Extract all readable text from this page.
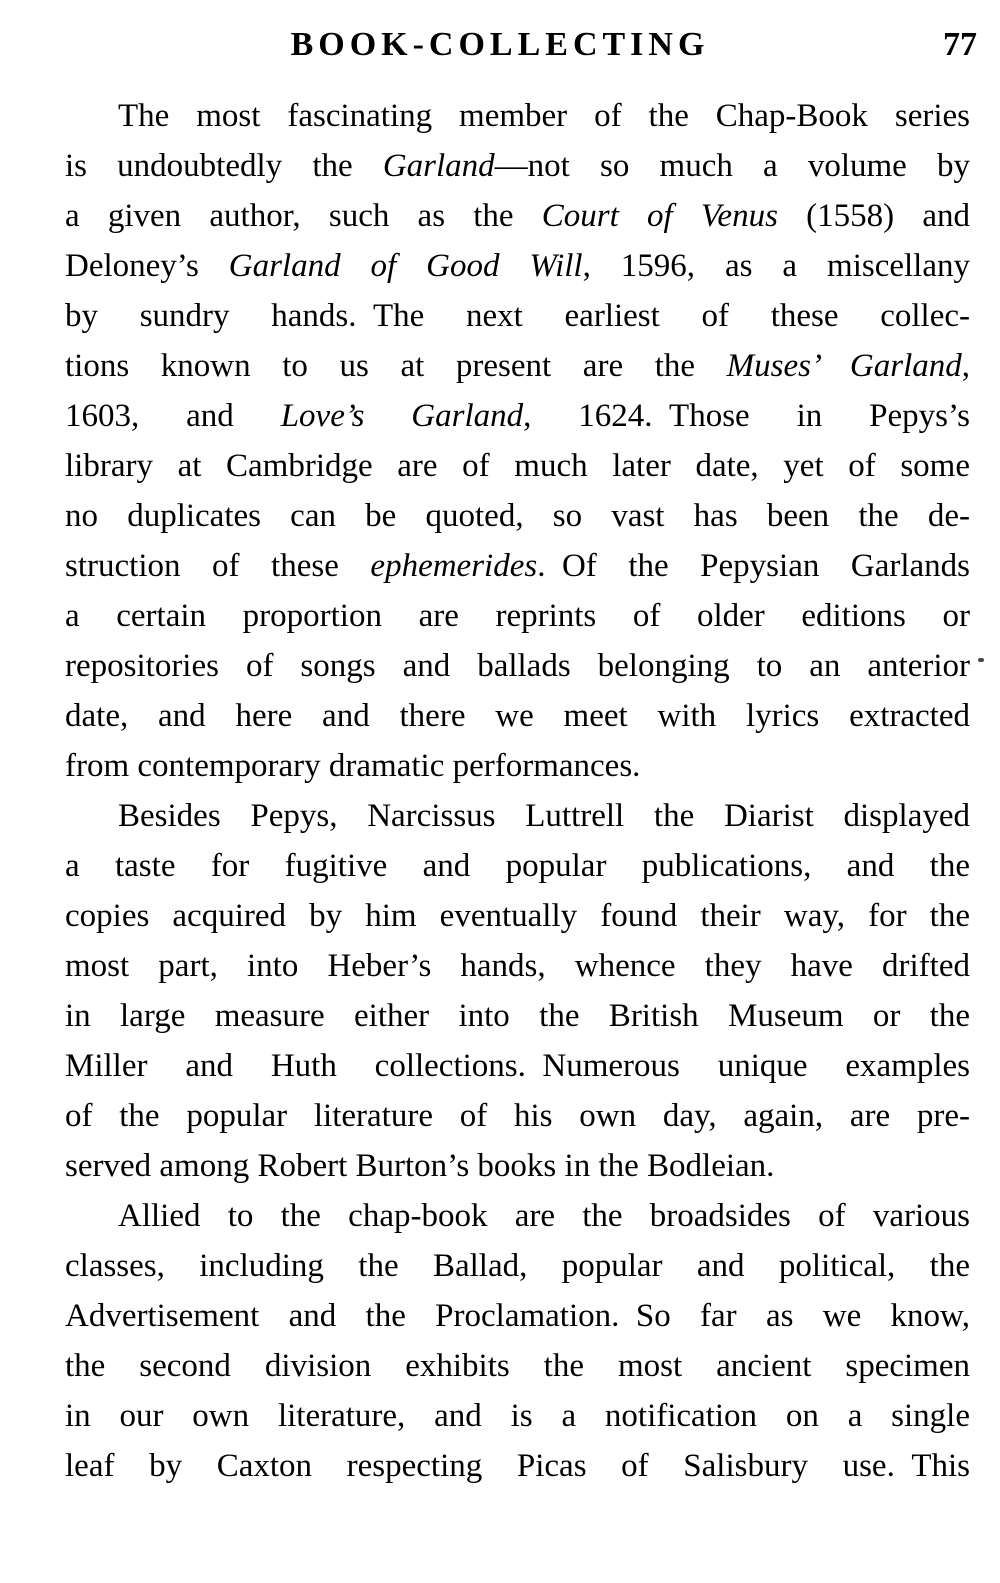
BOOK-COLLECTING	77
The most fascinating member of the Chap-Book series
is undoubtedly the Garland—not so much a volume by
a given author, such as the Court of Venus (1558) and
Deloney’s Garland of Good Will, 1596, as a miscellany
by sundry hands. The next earliest of these collec-
tions known to us at present are the Muses’ Garland,
1603, and Love’s Garland, 1624. Those in Pepys’s
library at Cambridge are of much later date, yet of some
no duplicates can be quoted, so vast has been the de-
struction of these ephemerides. Of the Pepysian Garlands
a certain proportion are reprints of older editions or
repositories of songs and ballads belonging to an anterior
date, and here and there we meet with lyrics extracted
from contemporary dramatic performances.
Besides Pepys, Narcissus Luttrell the Diarist displayed
a taste for fugitive and popular publications, and the
copies acquired by him eventually found their way, for the
most part, into Heber’s hands, whence they have drifted
in large measure either into the British Museum or the
Miller and Huth collections. Numerous unique examples
of the popular literature of his own day, again, are pre-
served among Robert Burton’s books in the Bodleian.
Allied to the chap-book are the broadsides of various
classes, including the Ballad, popular and political, the
Advertisement and the Proclamation. So far as we know,
the second division exhibits the most ancient specimen
in our own literature, and is a notification on a single
leaf by Caxton respecting Picas of Salisbury use. This
